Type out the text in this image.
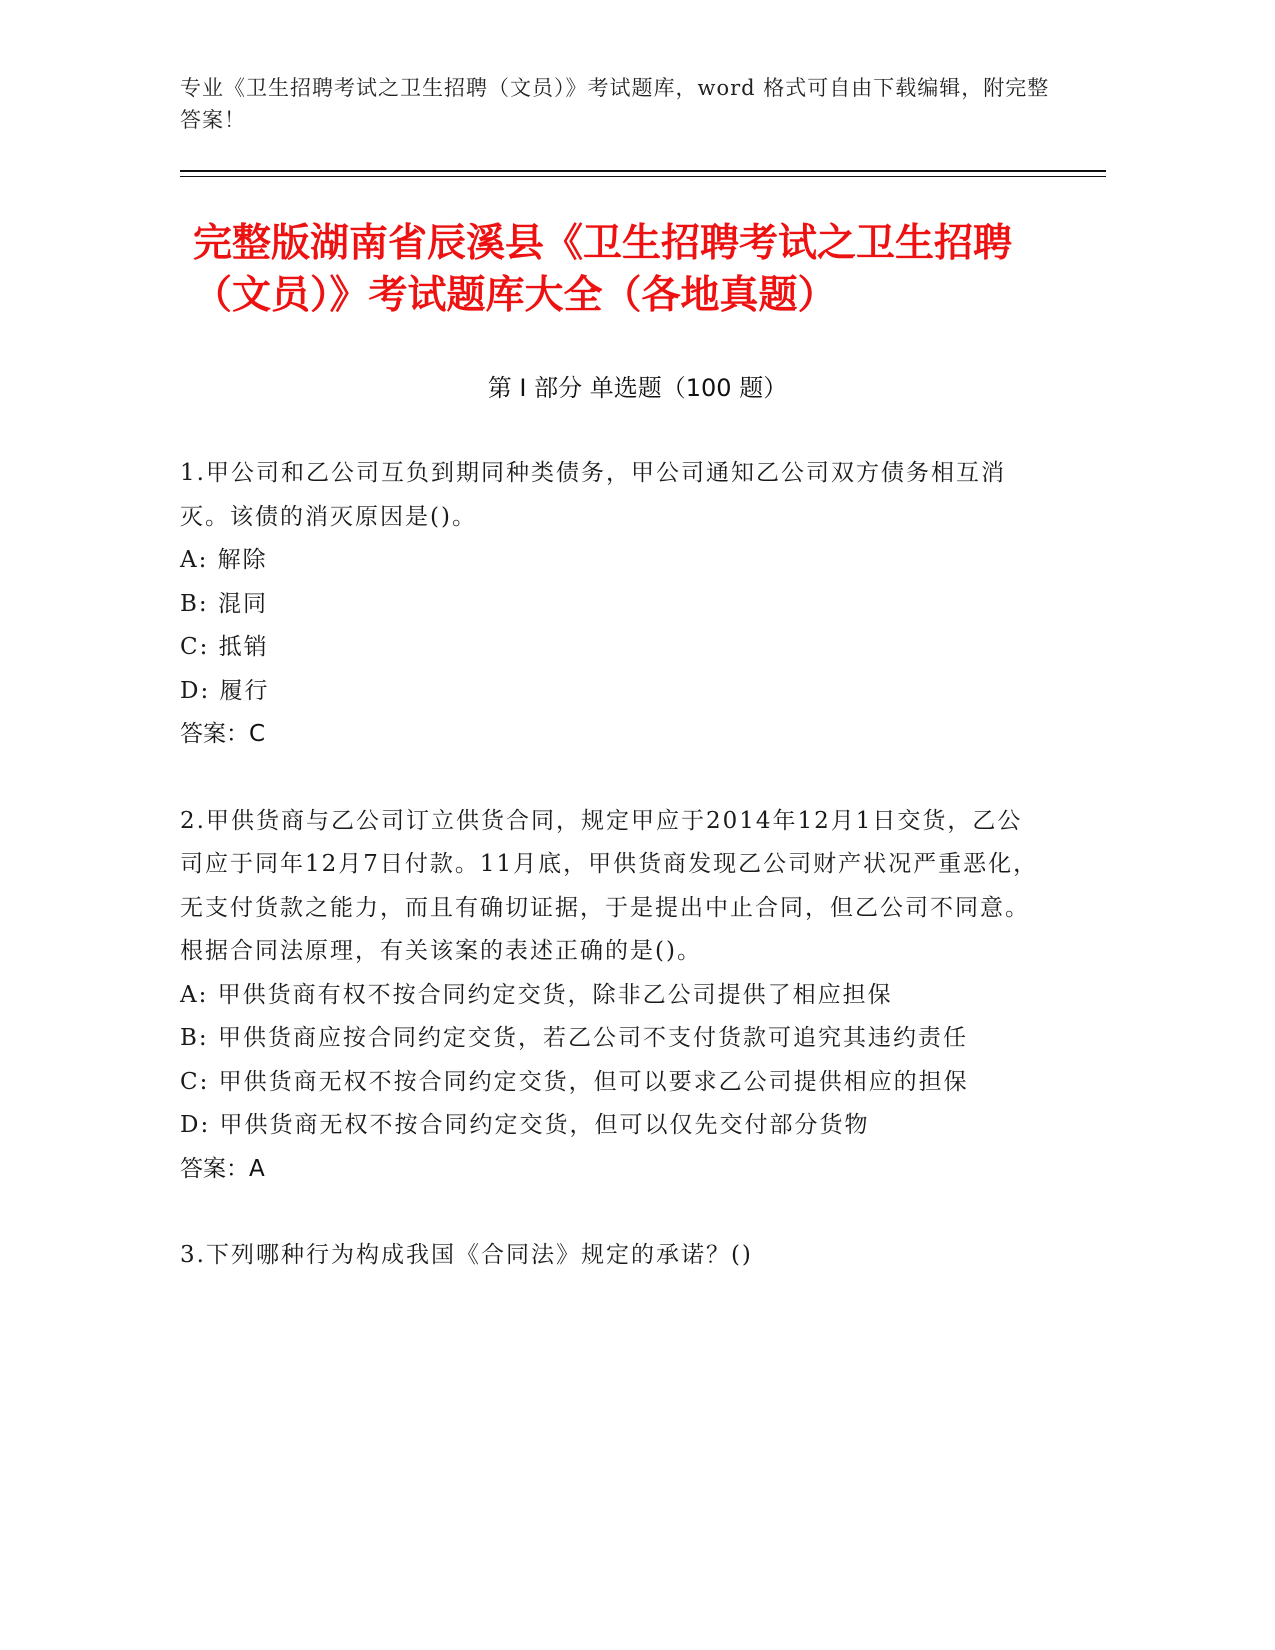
专业《卫生招聘考试之卫生招聘（文员）》考试题库，word 格式可自由下载编辑，附完整答案！
完整版湖南省辰溪县《卫生招聘考试之卫生招聘（文员）》考试题库大全（各地真题）
第 I 部分 单选题（100 题）

1.甲公司和乙公司互负到期同种类债务，甲公司通知乙公司双方债务相互消灭。该债的消灭原因是()。

A: 解除

B: 混同

C: 抵销

D: 履行

答案：C

2.甲供货商与乙公司订立供货合同，规定甲应于2014年12月1日交货，乙公司应于同年12月7日付款。11月底，甲供货商发现乙公司财产状况严重恶化，无支付货款之能力，而且有确切证据，于是提出中止合同，但乙公司不同意。根据合同法原理，有关该案的表述正确的是()。

A: 甲供货商有权不按合同约定交货，除非乙公司提供了相应担保

B: 甲供货商应按合同约定交货，若乙公司不支付货款可追究其违约责任

C: 甲供货商无权不按合同约定交货，但可以要求乙公司提供相应的担保

D: 甲供货商无权不按合同约定交货，但可以仅先交付部分货物

答案：A

3.下列哪种行为构成我国《合同法》规定的承诺？()
